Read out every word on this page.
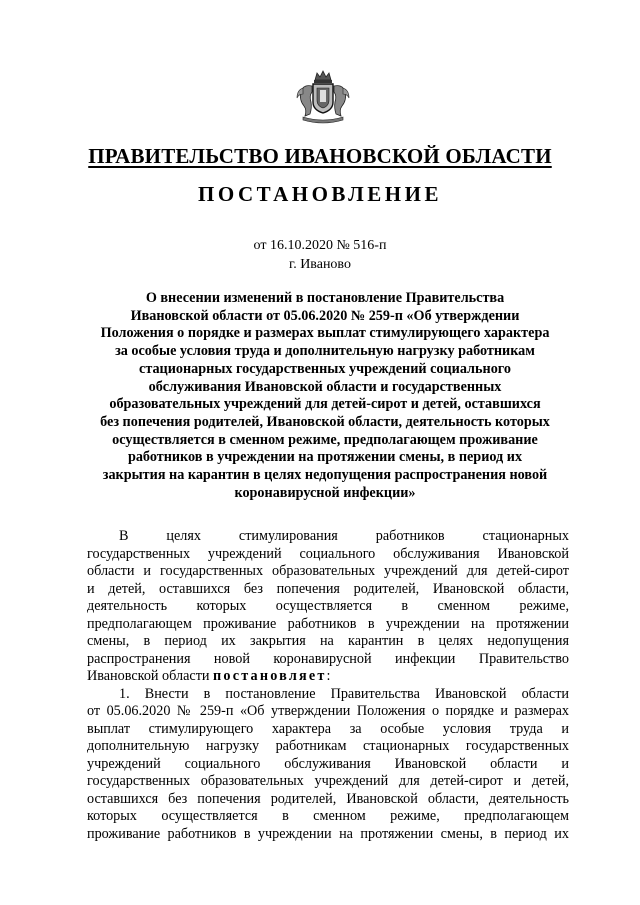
ПРАВИТЕЛЬСТВО ИВАНОВСКОЙ ОБЛАСТИ
ПОСТАНОВЛЕНИЕ
от 16.10.2020 № 516-п
г. Иваново
О внесении изменений в постановление Правительства
Ивановской области от 05.06.2020 № 259-п «Об утверждении
Положения о порядке и размерах выплат стимулирующего характера
за особые условия труда и дополнительную нагрузку работникам
стационарных государственных учреждений социального
обслуживания Ивановской области и государственных
образовательных учреждений для детей-сирот и детей, оставшихся
без попечения родителей, Ивановской области, деятельность которых
осуществляется в сменном режиме, предполагающем проживание
работников в учреждении на протяжении смены, в период их
закрытия на карантин в целях недопущения распространения новой
коронавирусной инфекции»
В целях стимулирования работников стационарных
государственных учреждений социального обслуживания Ивановской
области и государственных образовательных учреждений для детей-сирот
и детей, оставшихся без попечения родителей, Ивановской области,
деятельность которых осуществляется в сменном режиме,
предполагающем проживание работников в учреждении на протяжении
смены, в период их закрытия на карантин в целях недопущения
распространения новой коронавирусной инфекции Правительство
Ивановской области постановляет:
1. Внести в постановление Правительства Ивановской области
от 05.06.2020 № 259-п «Об утверждении Положения о порядке и размерах
выплат стимулирующего характера за особые условия труда и
дополнительную нагрузку работникам стационарных государственных
учреждений социального обслуживания Ивановской области и
государственных образовательных учреждений для детей-сирот и детей,
оставшихся без попечения родителей, Ивановской области, деятельность
которых осуществляется в сменном режиме, предполагающем
проживание работников в учреждении на протяжении смены, в период их
